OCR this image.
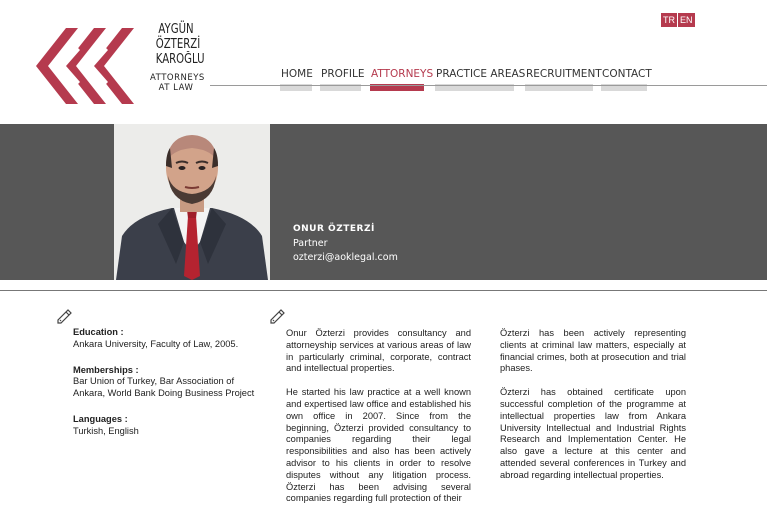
AYGÜN
ÖZTERZİ
KAROĞLU
ATTORNEYS
AT LAW
TR EN
HOME PROFILE ATTORNEYS PRACTICE AREAS RECRUITMENT CONTACT
ONUR ÖZTERZİ
Partner
ozterzi@aoklegal.com
Education :
Ankara University, Faculty of Law, 2005.
Memberships :
Bar Union of Turkey, Bar Association of Ankara, World Bank Doing Business Project
Languages :
Turkish, English

Onur Özterzi provides consultancy and attorneyship services at various areas of law in particularly criminal, corporate, contract and intellectual properties.

He started his law practice at a well known and expertised law office and established his own office in 2007. Since from the beginning, Özterzi provided consultancy to companies regarding their legal responsibilities and also has been actively advisor to his clients in order to resolve disputes without any litigation process. Özterzi has been advising several companies regarding full protection of their

Özterzi has been actively representing clients at criminal law matters, especially at financial crimes, both at prosecution and trial phases.

Özterzi has obtained certificate upon successful completion of the programme at intellectual properties law from Ankara University Intellectual and Industrial Rights Research and Implementation Center. He also gave a lecture at this center and attended several conferences in Turkey and abroad regarding intellectual properties.
